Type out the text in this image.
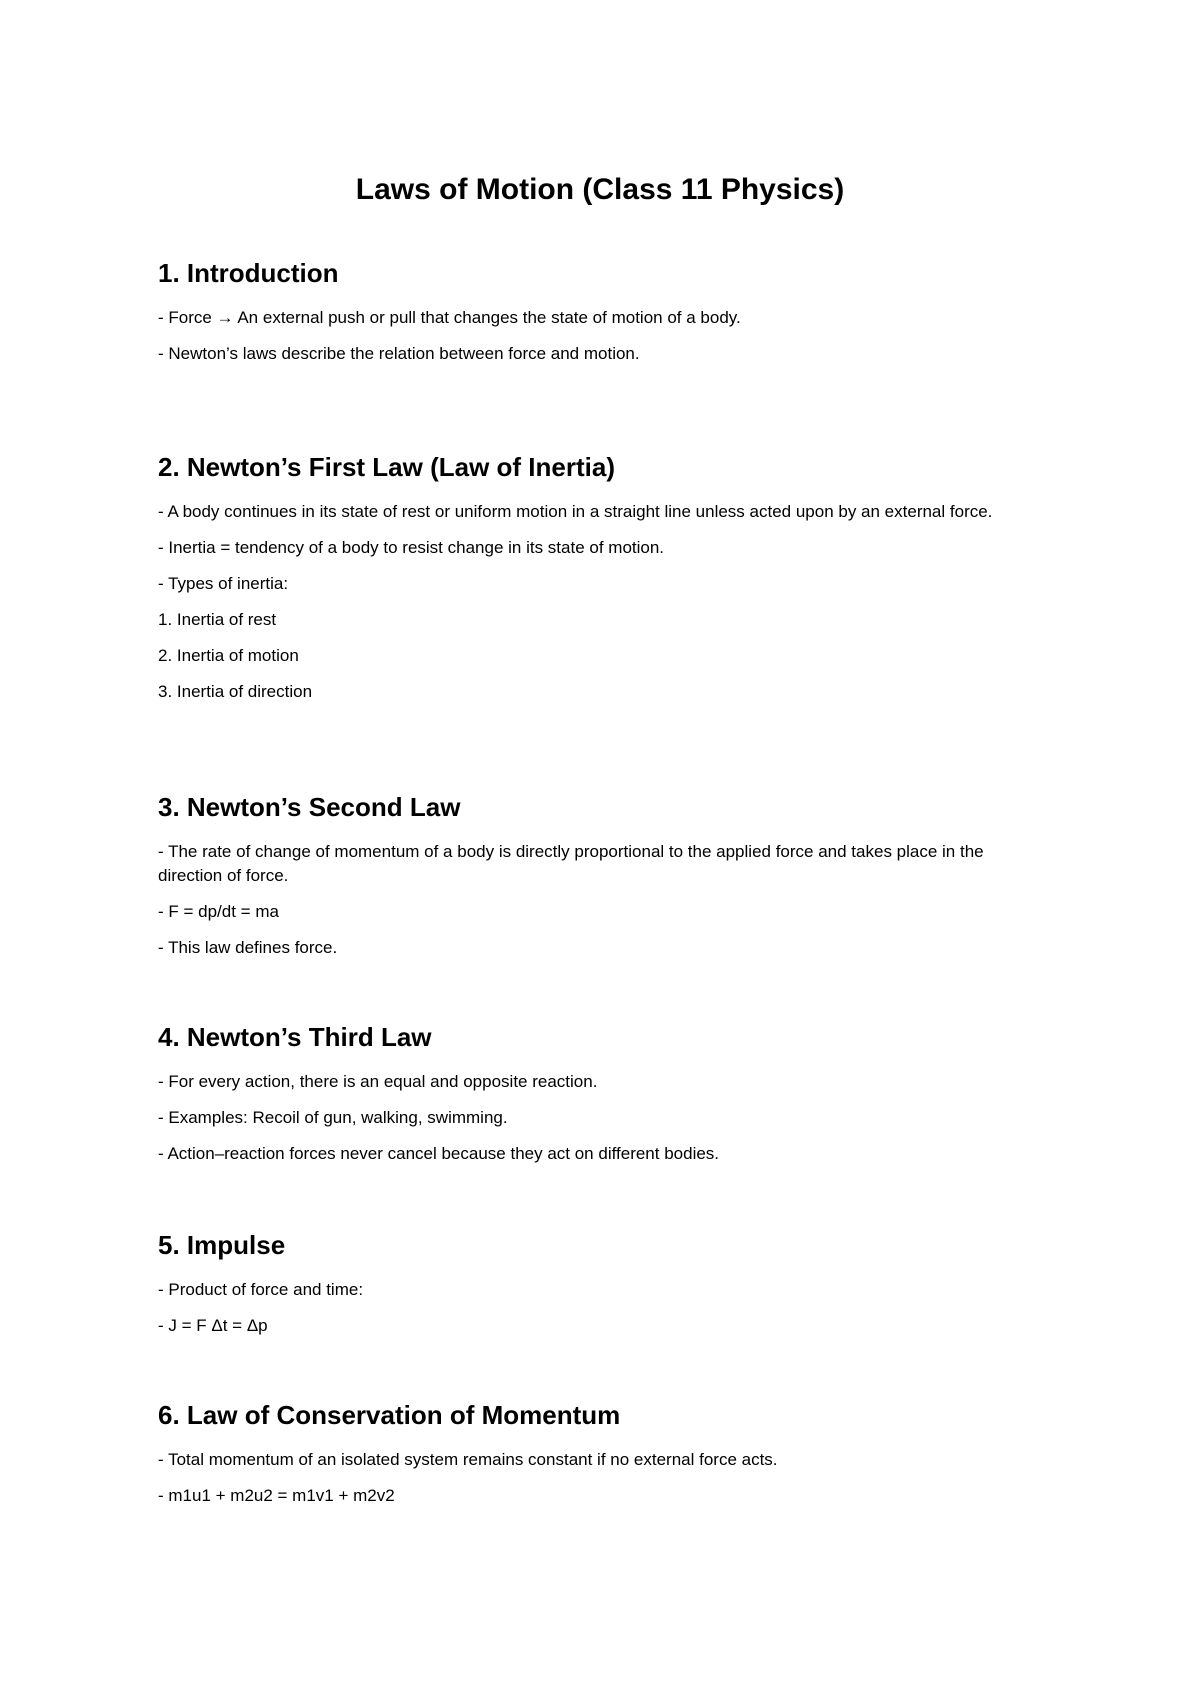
Laws of Motion (Class 11 Physics)
1. Introduction

- Force → An external push or pull that changes the state of motion of a body.

- Newton’s laws describe the relation between force and motion.

2. Newton’s First Law (Law of Inertia)

- A body continues in its state of rest or uniform motion in a straight line unless acted upon by an external force.

- Inertia = tendency of a body to resist change in its state of motion.

- Types of inertia:

1. Inertia of rest

2. Inertia of motion

3. Inertia of direction

3. Newton’s Second Law

- The rate of change of momentum of a body is directly proportional to the applied force and takes place in the direction of force.

- F = dp/dt = ma

- This law defines force.

4. Newton’s Third Law

- For every action, there is an equal and opposite reaction.

- Examples: Recoil of gun, walking, swimming.

- Action–reaction forces never cancel because they act on different bodies.

5. Impulse

- Product of force and time:

- J = F Δt = Δp

6. Law of Conservation of Momentum

- Total momentum of an isolated system remains constant if no external force acts.

- m1u1 + m2u2 = m1v1 + m2v2
